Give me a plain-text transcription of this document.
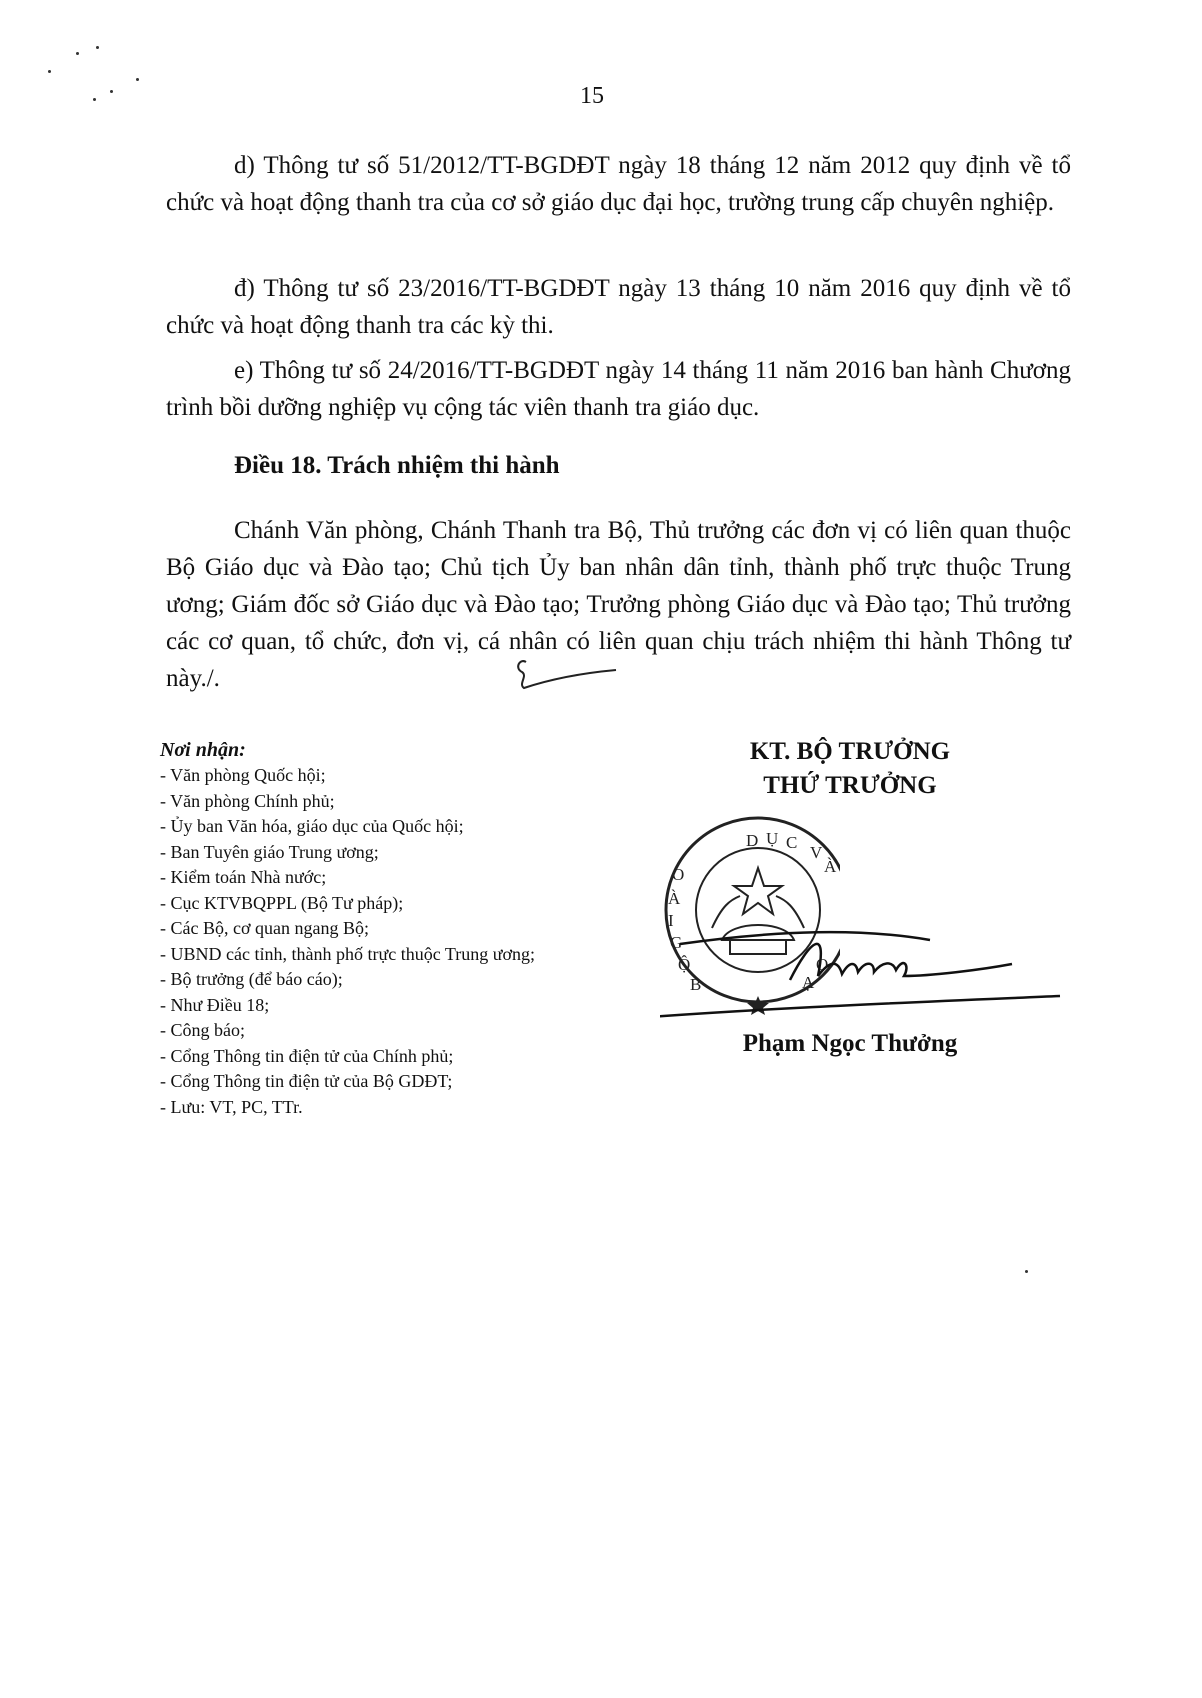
15

d) Thông tư số 51/2012/TT-BGDĐT ngày 18 tháng 12 năm 2012 quy định về tổ chức và hoạt động thanh tra của cơ sở giáo dục đại học, trường trung cấp chuyên nghiệp.

đ) Thông tư số 23/2016/TT-BGDĐT ngày 13 tháng 10 năm 2016 quy định về tổ chức và hoạt động thanh tra các kỳ thi.

e) Thông tư số 24/2016/TT-BGDĐT ngày 14 tháng 11 năm 2016 ban hành Chương trình bồi dưỡng nghiệp vụ cộng tác viên thanh tra giáo dục.

Điều 18. Trách nhiệm thi hành

Chánh Văn phòng, Chánh Thanh tra Bộ, Thủ trưởng các đơn vị có liên quan thuộc Bộ Giáo dục và Đào tạo; Chủ tịch Ủy ban nhân dân tỉnh, thành phố trực thuộc Trung ương; Giám đốc sở Giáo dục và Đào tạo; Trưởng phòng Giáo dục và Đào tạo; Thủ trưởng các cơ quan, tổ chức, đơn vị, cá nhân có liên quan chịu trách nhiệm thi hành Thông tư này./.

Nơi nhận:
- Văn phòng Quốc hội;
- Văn phòng Chính phủ;
- Ủy ban Văn hóa, giáo dục của Quốc hội;
- Ban Tuyên giáo Trung ương;
- Kiểm toán Nhà nước;
- Cục KTVBQPPL (Bộ Tư pháp);
- Các Bộ, cơ quan ngang Bộ;
- UBND các tỉnh, thành phố trực thuộc Trung ương;
- Bộ trưởng (để báo cáo);
- Như Điều 18;
- Công báo;
- Cổng Thông tin điện tử của Chính phủ;
- Cổng Thông tin điện tử của Bộ GDĐT;
- Lưu: VT, PC, TTr.
KT. BỘ TRƯỞNG
THỨ TRƯỞNG
D Ụ C
V
À
O
À
I
G
Ộ
B
O
Ạ
Phạm Ngọc Thưởng
